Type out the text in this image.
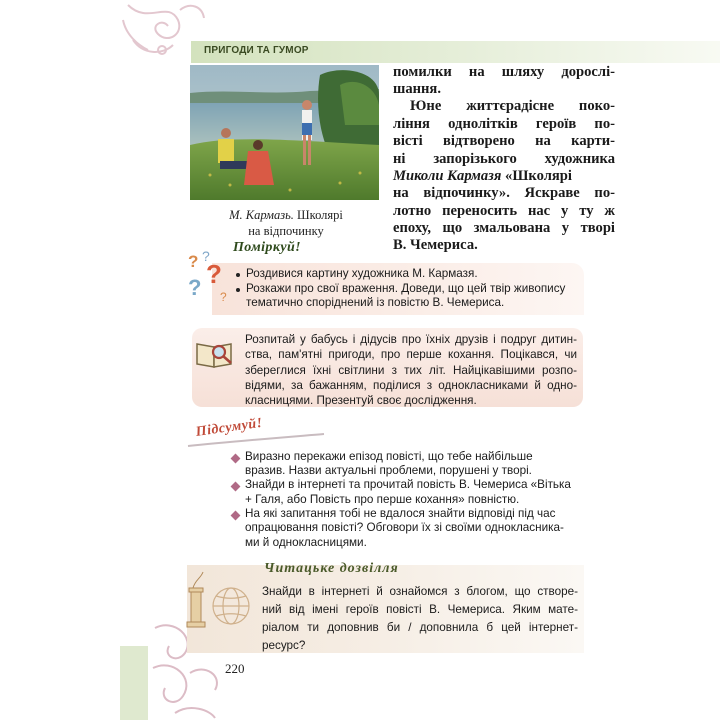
ПРИГОДИ ТА ГУМОР
М. Кармазь. Школярі
на відпочинку
помилки на шляху дорослі-
шання.
Юне життєрадісне поко-
ління однолітків героїв по-
вісті відтворено на карти-
ні запорізького художника
Миколи Кармазя «Школярі
на відпочинку». Яскраве по-
лотно переносить нас у ту ж
епоху, що змальована у творі
В. Чемериса.
? ?
?
? ?
Поміркуй!
Роздивися картину художника М. Кармазя.
Розкажи про свої враження. Доведи, що цей твір живопису
тематично споріднений із повістю В. Чемериса.
Розпитай у бабусь і дідусів про їхніх друзів і подруг дитин-
ства, пам'ятні пригоди, про перше кохання. Поцікався, чи
збереглися їхні світлини з тих літ. Найцікавішими розпо-
відями, за бажанням, поділися з однокласниками й одно-
класницями. Презентуй своє дослідження.
Підсумуй!
Виразно перекажи епізод повісті, що тебе найбільше
вразив. Назви актуальні проблеми, порушені у творі.
Знайди в інтернеті та прочитай повість В. Чемериса «Вітька
+ Галя, або Повість про перше кохання» повністю.
На які запитання тобі не вдалося знайти відповіді під час
опрацювання повісті? Обговори їх зі своїми однокласника-
ми й однокласницями.
Читацьке дозвілля
Знайди в інтернеті й ознайомся з блогом, що створе-
ний від імені героїв повісті В. Чемериса. Яким мате-
ріалом ти доповнив би / доповнила б цей інтернет-
ресурс?
220
